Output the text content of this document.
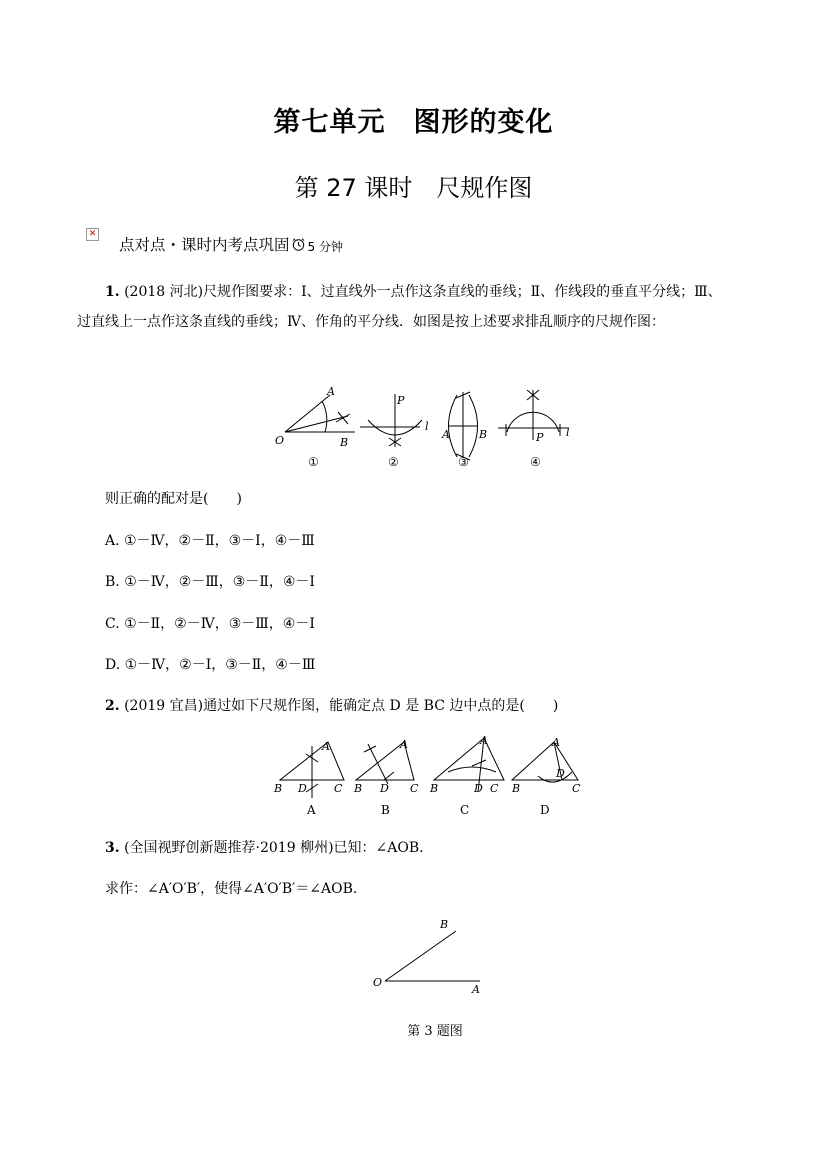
第七单元　图形的变化
第 27 课时　尺规作图
✕
点对点・课时内考点巩固 5 分钟
1. (2018 河北)尺规作图要求：Ⅰ、过直线外一点作这条直线的垂线；Ⅱ、作线段的垂直平分线；Ⅲ、
过直线上一点作这条直线的垂线；Ⅳ、作角的平分线．如图是按上述要求排乱顺序的尺规作图：
A
O	B
P
l
A	B	P l
①	②	③	④
则正确的配对是(　　)
A. ①－Ⅳ，②－Ⅱ，③－Ⅰ，④－Ⅲ
B. ①－Ⅳ，②－Ⅲ，③－Ⅱ，④－Ⅰ
C. ①－Ⅱ，②－Ⅳ，③－Ⅲ，④－Ⅰ
D. ①－Ⅳ，②－Ⅰ，③－Ⅱ，④－Ⅲ
2. (2019 宜昌)通过如下尺规作图，能确定点 D 是 BC 边中点的是(　　)
A
B D C
A
B D C
A
B	D C
A
B
D
C
A	B	C	D
3. (全国视野创新题推荐·2019 柳州)已知：∠AOB.
求作：∠A′O′B′，使得∠A′O′B′＝∠AOB.
B
O
A
第 3 题图
